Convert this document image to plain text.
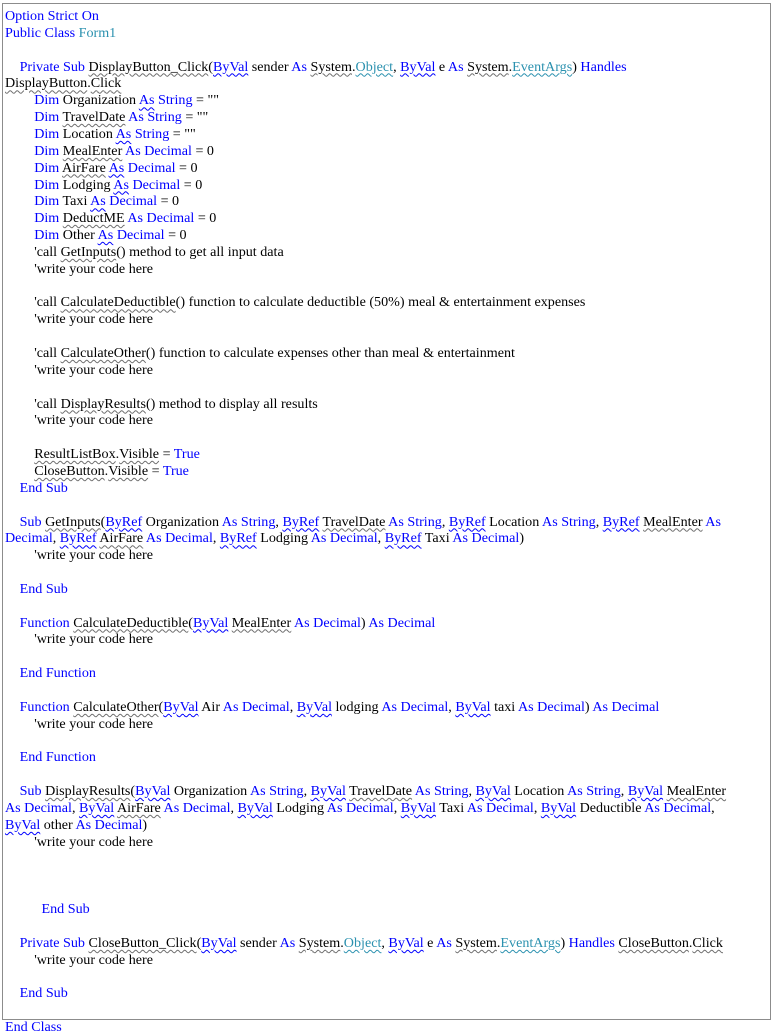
Option Strict On
Public Class Form1
Private Sub DisplayButton_Click(ByVal sender As System.Object, ByVal e As System.EventArgs) Handles
DisplayButton.Click
Dim Organization As String = ""
Dim TravelDate As String = ""
Dim Location As String = ""
Dim MealEnter As Decimal = 0
Dim AirFare As Decimal = 0
Dim Lodging As Decimal = 0
Dim Taxi As Decimal = 0
Dim DeductME As Decimal = 0
Dim Other As Decimal = 0
'call GetInputs() method to get all input data
'write your code here
'call CalculateDeductible() function to calculate deductible (50%) meal & entertainment expenses
'write your code here
'call CalculateOther() function to calculate expenses other than meal & entertainment
'write your code here
'call DisplayResults() method to display all results
'write your code here
ResultListBox.Visible = True
CloseButton.Visible = True
End Sub
Sub GetInputs(ByRef Organization As String, ByRef TravelDate As String, ByRef Location As String, ByRef MealEnter As
Decimal, ByRef AirFare As Decimal, ByRef Lodging As Decimal, ByRef Taxi As Decimal)
'write your code here
End Sub
Function CalculateDeductible(ByVal MealEnter As Decimal) As Decimal
'write your code here
End Function
Function CalculateOther(ByVal Air As Decimal, ByVal lodging As Decimal, ByVal taxi As Decimal) As Decimal
'write your code here
End Function
Sub DisplayResults(ByVal Organization As String, ByVal TravelDate As String, ByVal Location As String, ByVal MealEnter
As Decimal, ByVal AirFare As Decimal, ByVal Lodging As Decimal, ByVal Taxi As Decimal, ByVal Deductible As Decimal,
ByVal other As Decimal)
'write your code here
End Sub
Private Sub CloseButton_Click(ByVal sender As System.Object, ByVal e As System.EventArgs) Handles CloseButton.Click
'write your code here
End Sub
End Class
